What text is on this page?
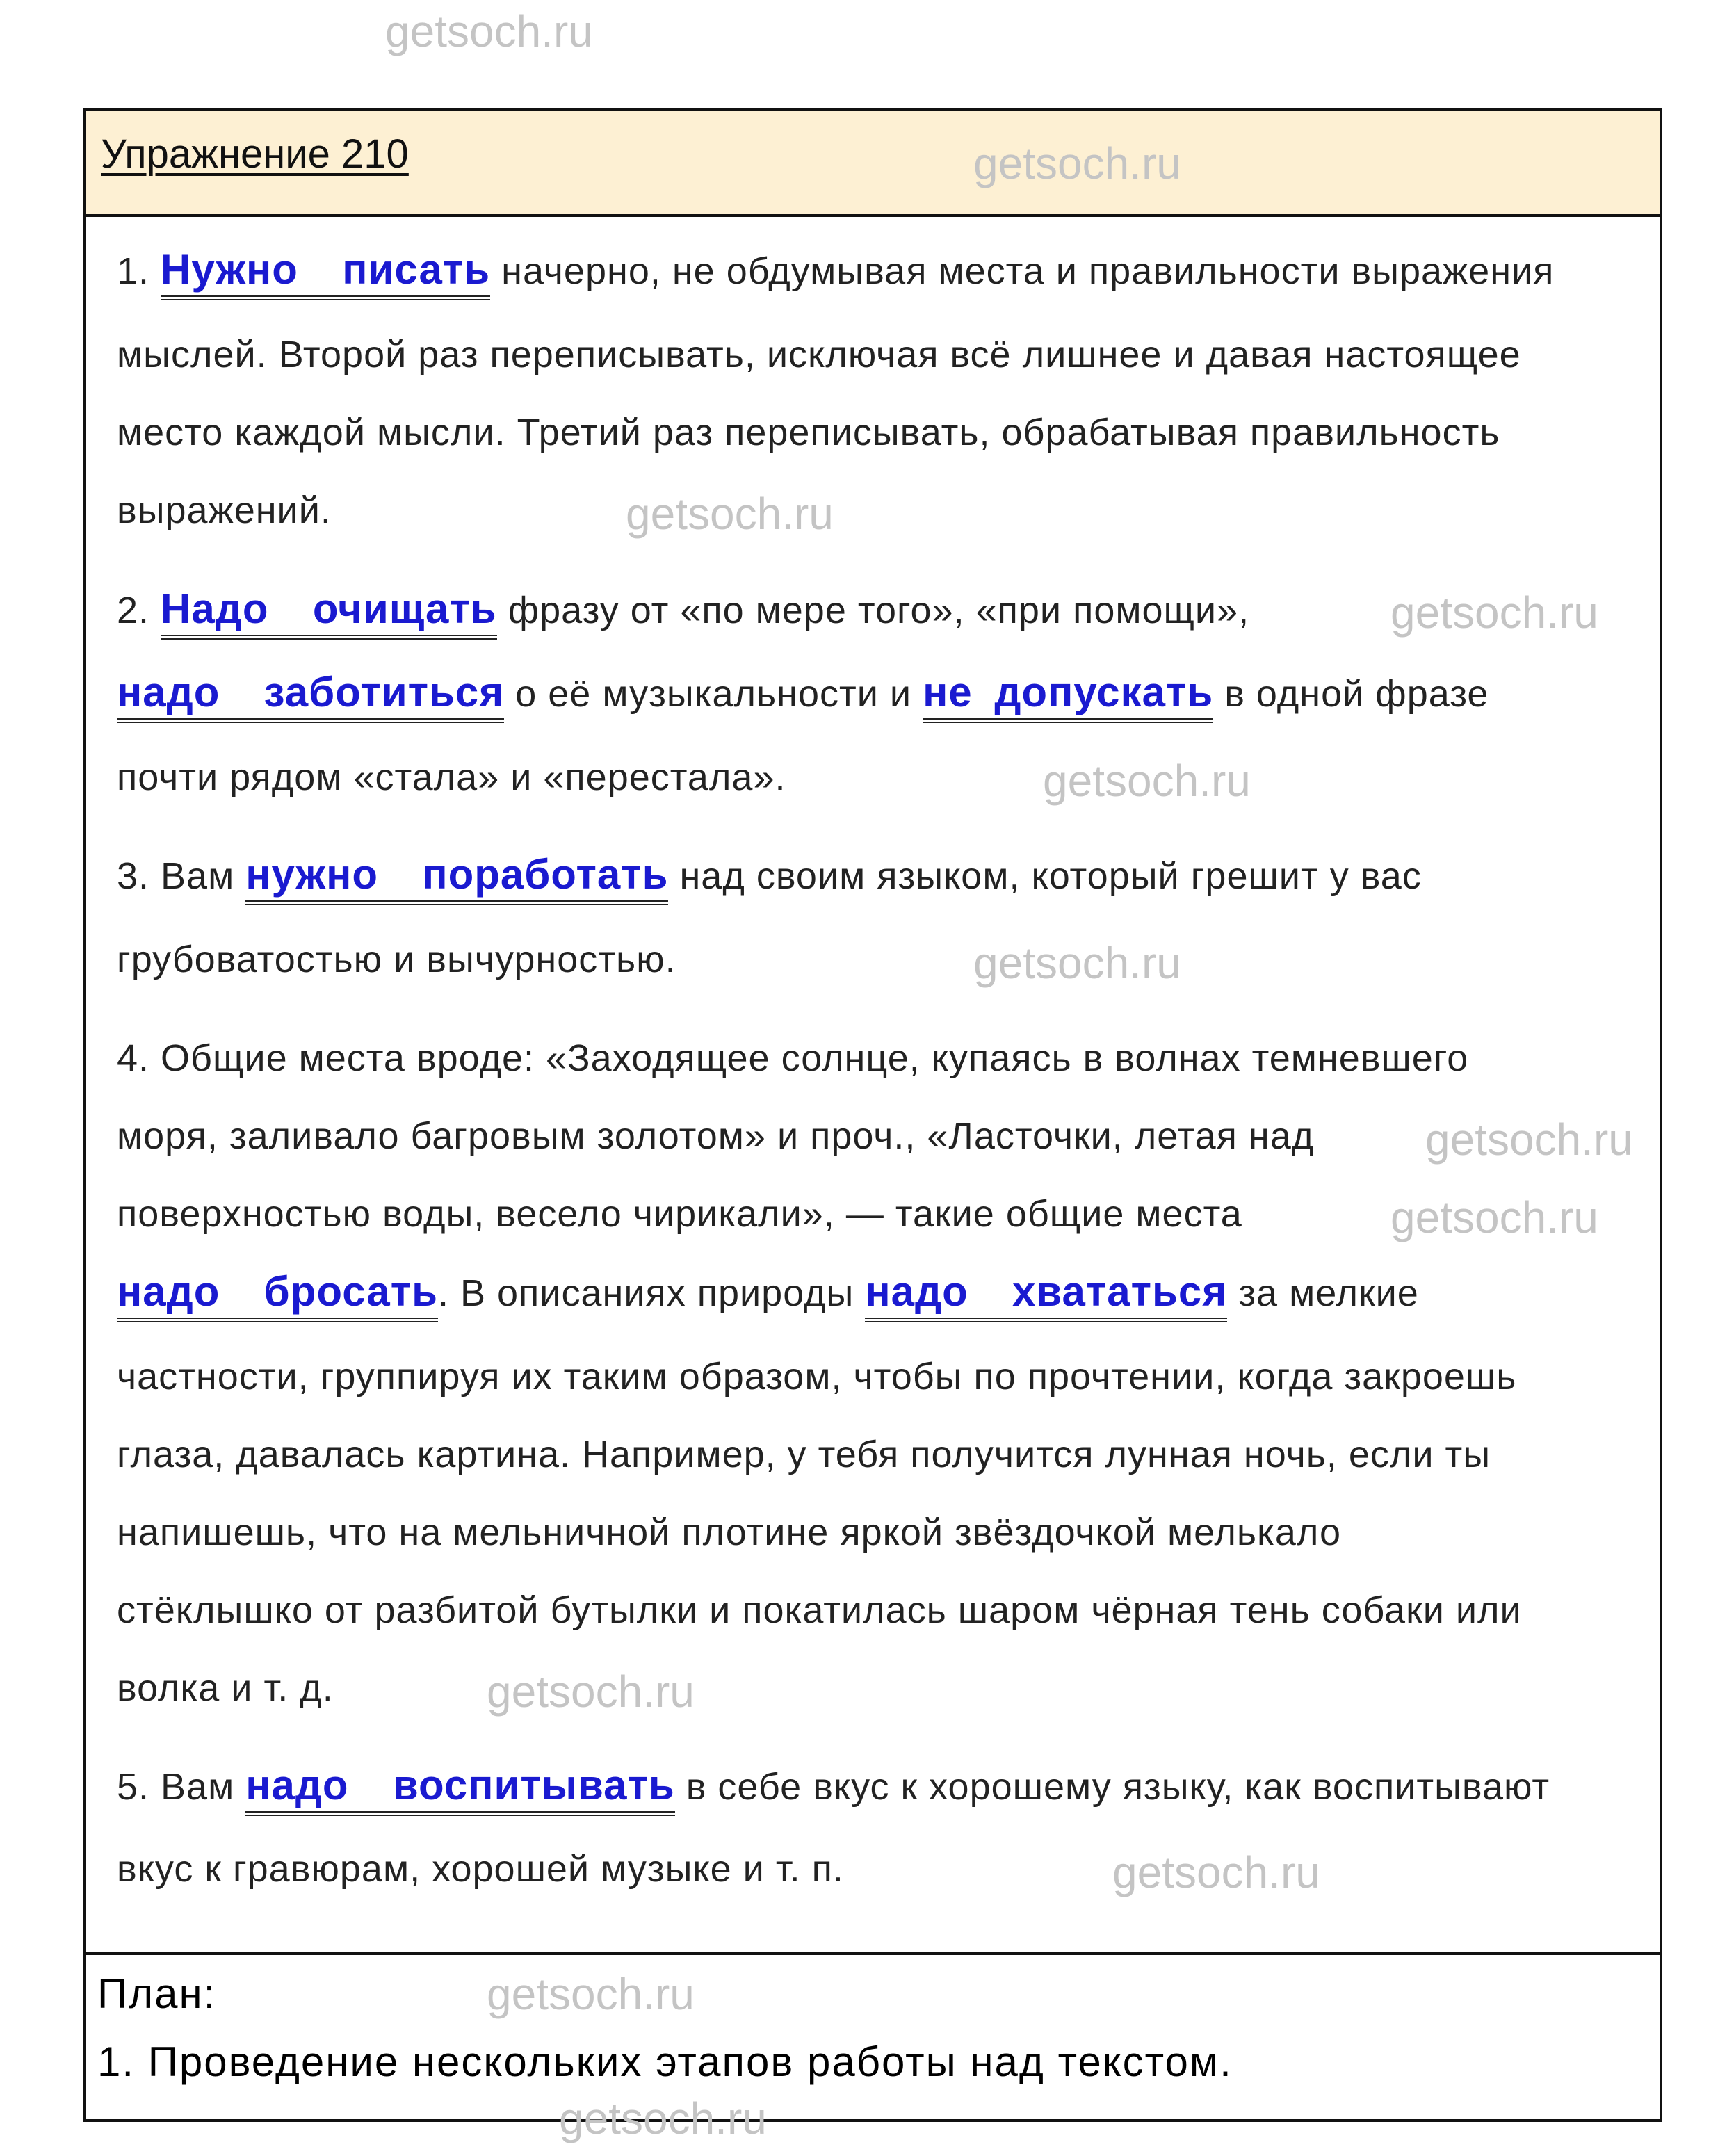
Упражнение 210
1. Нужно  писать начерно, не обдумывая места и правильности выражения
мыслей. Второй раз переписывать, исключая всё лишнее и давая настоящее
место каждой мысли. Третий раз переписывать, обрабатывая правильность
выражений.
2. Надо  очищать фразу от «по мере того», «при помощи»,
надо  заботиться о её музыкальности и не допускать в одной фразе
почти рядом «стала» и «перестала».
3. Вам нужно  поработать над своим языком, который грешит у вас
грубоватостью и вычурностью.
4. Общие места вроде: «Заходящее солнце, купаясь в волнах темневшего
моря, заливало багровым золотом» и проч., «Ласточки, летая над
поверхностью воды, весело чирикали», — такие общие места
надо  бросать. В описаниях природы надо  хвататься за мелкие
частности, группируя их таким образом, чтобы по прочтении, когда закроешь
глаза, давалась картина. Например, у тебя получится лунная ночь, если ты
напишешь, что на мельничной плотине яркой звёздочкой мелькало
стёклышко от разбитой бутылки и покатилась шаром чёрная тень собаки или
волка и т. д.
5. Вам надо  воспитывать в себе вкус к хорошему языку, как воспитывают
вкус к гравюрам, хорошей музыке и т. п.
План:
1. Проведение нескольких этапов работы над текстом.
getsoch.ru
getsoch.ru
getsoch.ru
getsoch.ru
getsoch.ru
getsoch.ru
getsoch.ru
getsoch.ru
getsoch.ru
getsoch.ru
getsoch.ru
getsoch.ru
